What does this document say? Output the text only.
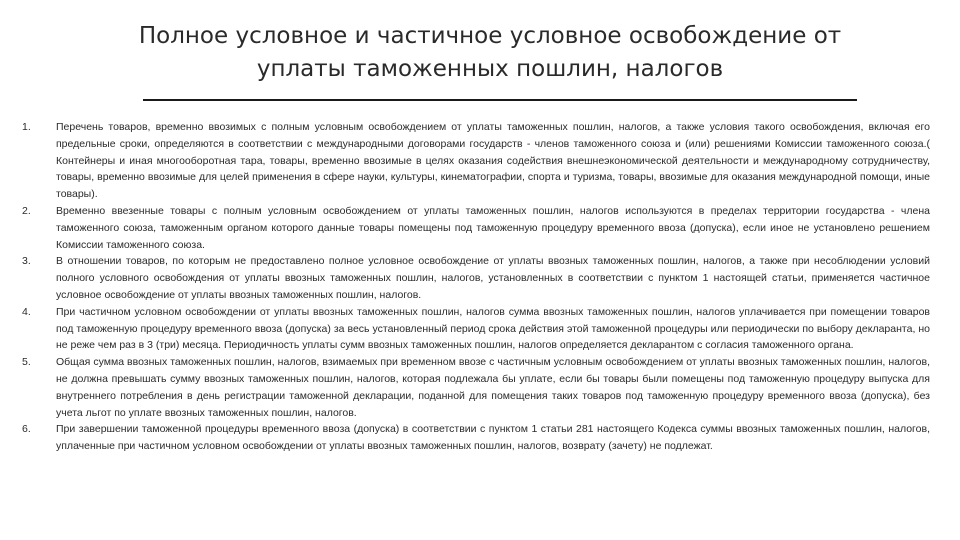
Полное условное и частичное условное освобождение от
уплаты таможенных пошлин, налогов
1.	Перечень товаров, временно ввозимых с полным условным освобождением от уплаты таможенных пошлин, налогов, а также условия такого освобождения, включая его предельные сроки, определяются в соответствии с международными договорами государств - членов таможенного союза и (или) решениями Комиссии таможенного союза.( Контейнеры и иная многооборотная тара, товары, временно ввозимые в целях оказания содействия внешнеэкономической деятельности и международному сотрудничеству, товары, временно ввозимые для целей применения в сфере науки, культуры, кинематографии, спорта и туризма, товары, ввозимые для оказания международной помощи, иные товары).
2.	Временно ввезенные товары с полным условным освобождением от уплаты таможенных пошлин, налогов используются в пределах территории государства - члена таможенного союза, таможенным органом которого данные товары помещены под таможенную процедуру временного ввоза (допуска), если иное не установлено решением Комиссии таможенного союза.
3.	В отношении товаров, по которым не предоставлено полное условное освобождение от уплаты ввозных таможенных пошлин, налогов, а также при несоблюдении условий полного условного освобождения от уплаты ввозных таможенных пошлин, налогов, установленных в соответствии с пунктом 1 настоящей статьи, применяется частичное условное освобождение от уплаты ввозных таможенных пошлин, налогов.
4.	При частичном условном освобождении от уплаты ввозных таможенных пошлин, налогов сумма ввозных таможенных пошлин, налогов уплачивается при помещении товаров под таможенную процедуру временного ввоза (допуска) за весь установленный период срока действия этой таможенной процедуры или периодически по выбору декларанта, но не реже чем раз в 3 (три) месяца. Периодичность уплаты сумм ввозных таможенных пошлин, налогов определяется декларантом с согласия таможенного органа.
5.	Общая сумма ввозных таможенных пошлин, налогов, взимаемых при временном ввозе с частичным условным освобождением от уплаты ввозных таможенных пошлин, налогов, не должна превышать сумму ввозных таможенных пошлин, налогов, которая подлежала бы уплате, если бы товары были помещены под таможенную процедуру выпуска для внутреннего потребления в день регистрации таможенной декларации, поданной для помещения таких товаров под таможенную процедуру временного ввоза (допуска), без учета льгот по уплате ввозных таможенных пошлин, налогов.
6.	При завершении таможенной процедуры временного ввоза (допуска) в соответствии с пунктом 1 статьи 281 настоящего Кодекса суммы ввозных таможенных пошлин, налогов, уплаченные при частичном условном освобождении от уплаты ввозных таможенных пошлин, налогов, возврату (зачету) не подлежат.
